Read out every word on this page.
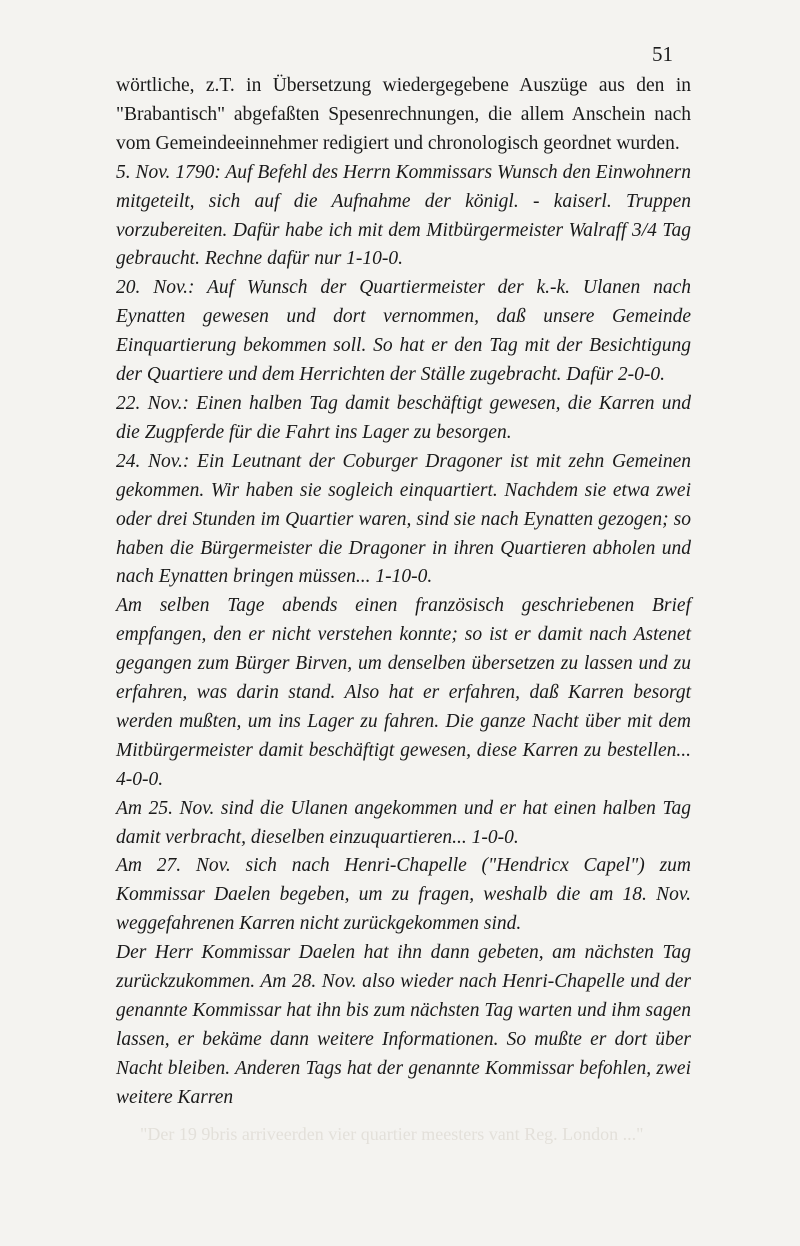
51

wörtliche, z.T. in Übersetzung wiedergegebene Auszüge aus den in "Brabantisch" abgefaßten Spesenrechnungen, die allem Anschein nach vom Gemeindeeinnehmer redigiert und chronologisch geordnet wurden.

5. Nov. 1790: Auf Befehl des Herrn Kommissars Wunsch den Einwohnern mitgeteilt, sich auf die Aufnahme der königl. - kaiserl. Truppen vorzubereiten. Dafür habe ich mit dem Mitbürgermeister Walraff 3/4 Tag gebraucht. Rechne dafür nur 1-10-0.

20. Nov.: Auf Wunsch der Quartiermeister der k.-k. Ulanen nach Eynatten gewesen und dort vernommen, daß unsere Gemeinde Einquartierung bekommen soll. So hat er den Tag mit der Besichtigung der Quartiere und dem Herrichten der Ställe zugebracht. Dafür 2-0-0.

22. Nov.: Einen halben Tag damit beschäftigt gewesen, die Karren und die Zugpferde für die Fahrt ins Lager zu besorgen.

24. Nov.: Ein Leutnant der Coburger Dragoner ist mit zehn Gemeinen gekommen. Wir haben sie sogleich einquartiert. Nachdem sie etwa zwei oder drei Stunden im Quartier waren, sind sie nach Eynatten gezogen; so haben die Bürgermeister die Dragoner in ihren Quartieren abholen und nach Eynatten bringen müssen... 1-10-0.

Am selben Tage abends einen französisch geschriebenen Brief empfangen, den er nicht verstehen konnte; so ist er damit nach Astenet gegangen zum Bürger Birven, um denselben übersetzen zu lassen und zu erfahren, was darin stand. Also hat er erfahren, daß Karren besorgt werden mußten, um ins Lager zu fahren. Die ganze Nacht über mit dem Mitbürgermeister damit beschäftigt gewesen, diese Karren zu bestellen... 4-0-0.

Am 25. Nov. sind die Ulanen angekommen und er hat einen halben Tag damit verbracht, dieselben einzuquartieren... 1-0-0.

Am 27. Nov. sich nach Henri-Chapelle ("Hendricx Capel") zum Kommissar Daelen begeben, um zu fragen, weshalb die am 18. Nov. weggefahrenen Karren nicht zurückgekommen sind.

Der Herr Kommissar Daelen hat ihn dann gebeten, am nächsten Tag zurückzukommen. Am 28. Nov. also wieder nach Henri-Chapelle und der genannte Kommissar hat ihn bis zum nächsten Tag warten und ihm sagen lassen, er bekäme dann weitere Informationen. So mußte er dort über Nacht bleiben. Anderen Tags hat der genannte Kommissar befohlen, zwei weitere Karren

"Der 19 9bris arriveerden vier quartier meesters vant Reg. London ..."
